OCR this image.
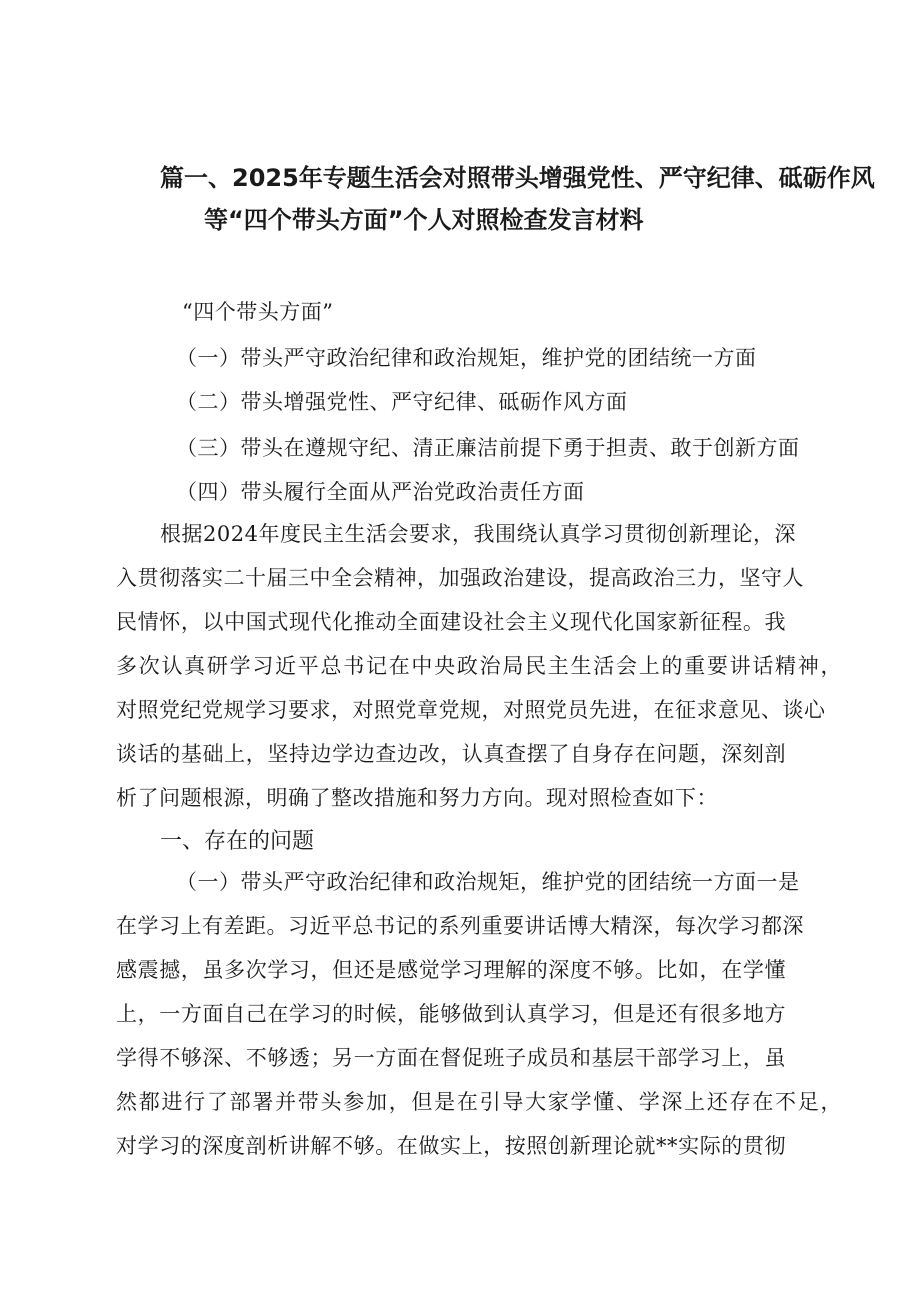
篇一、2025年专题生活会对照带头增强党性、严守纪律、砥砺作风
等“四个带头方面”个人对照检查发言材料
“四个带头方面”
（一）带头严守政治纪律和政治规矩，维护党的团结统一方面
（二）带头增强党性、严守纪律、砥砺作风方面
（三）带头在遵规守纪、清正廉洁前提下勇于担责、敢于创新方面
（四）带头履行全面从严治党政治责任方面
根据2024年度民主生活会要求，我围绕认真学习贯彻创新理论，深
入贯彻落实二十届三中全会精神，加强政治建设，提高政治三力，坚守人
民情怀，以中国式现代化推动全面建设社会主义现代化国家新征程。我
多次认真研学习近平总书记在中央政治局民主生活会上的重要讲话精神，
对照党纪党规学习要求，对照党章党规，对照党员先进，在征求意见、谈心
谈话的基础上，坚持边学边查边改，认真查摆了自身存在问题，深刻剖
析了问题根源，明确了整改措施和努力方向。现对照检查如下：
一、存在的问题
（一）带头严守政治纪律和政治规矩，维护党的团结统一方面一是
在学习上有差距。习近平总书记的系列重要讲话博大精深，每次学习都深
感震撼，虽多次学习，但还是感觉学习理解的深度不够。比如，在学懂
上，一方面自己在学习的时候，能够做到认真学习，但是还有很多地方
学得不够深、不够透；另一方面在督促班子成员和基层干部学习上，虽
然都进行了部署并带头参加，但是在引导大家学懂、学深上还存在不足，
对学习的深度剖析讲解不够。在做实上，按照创新理论就**实际的贯彻
